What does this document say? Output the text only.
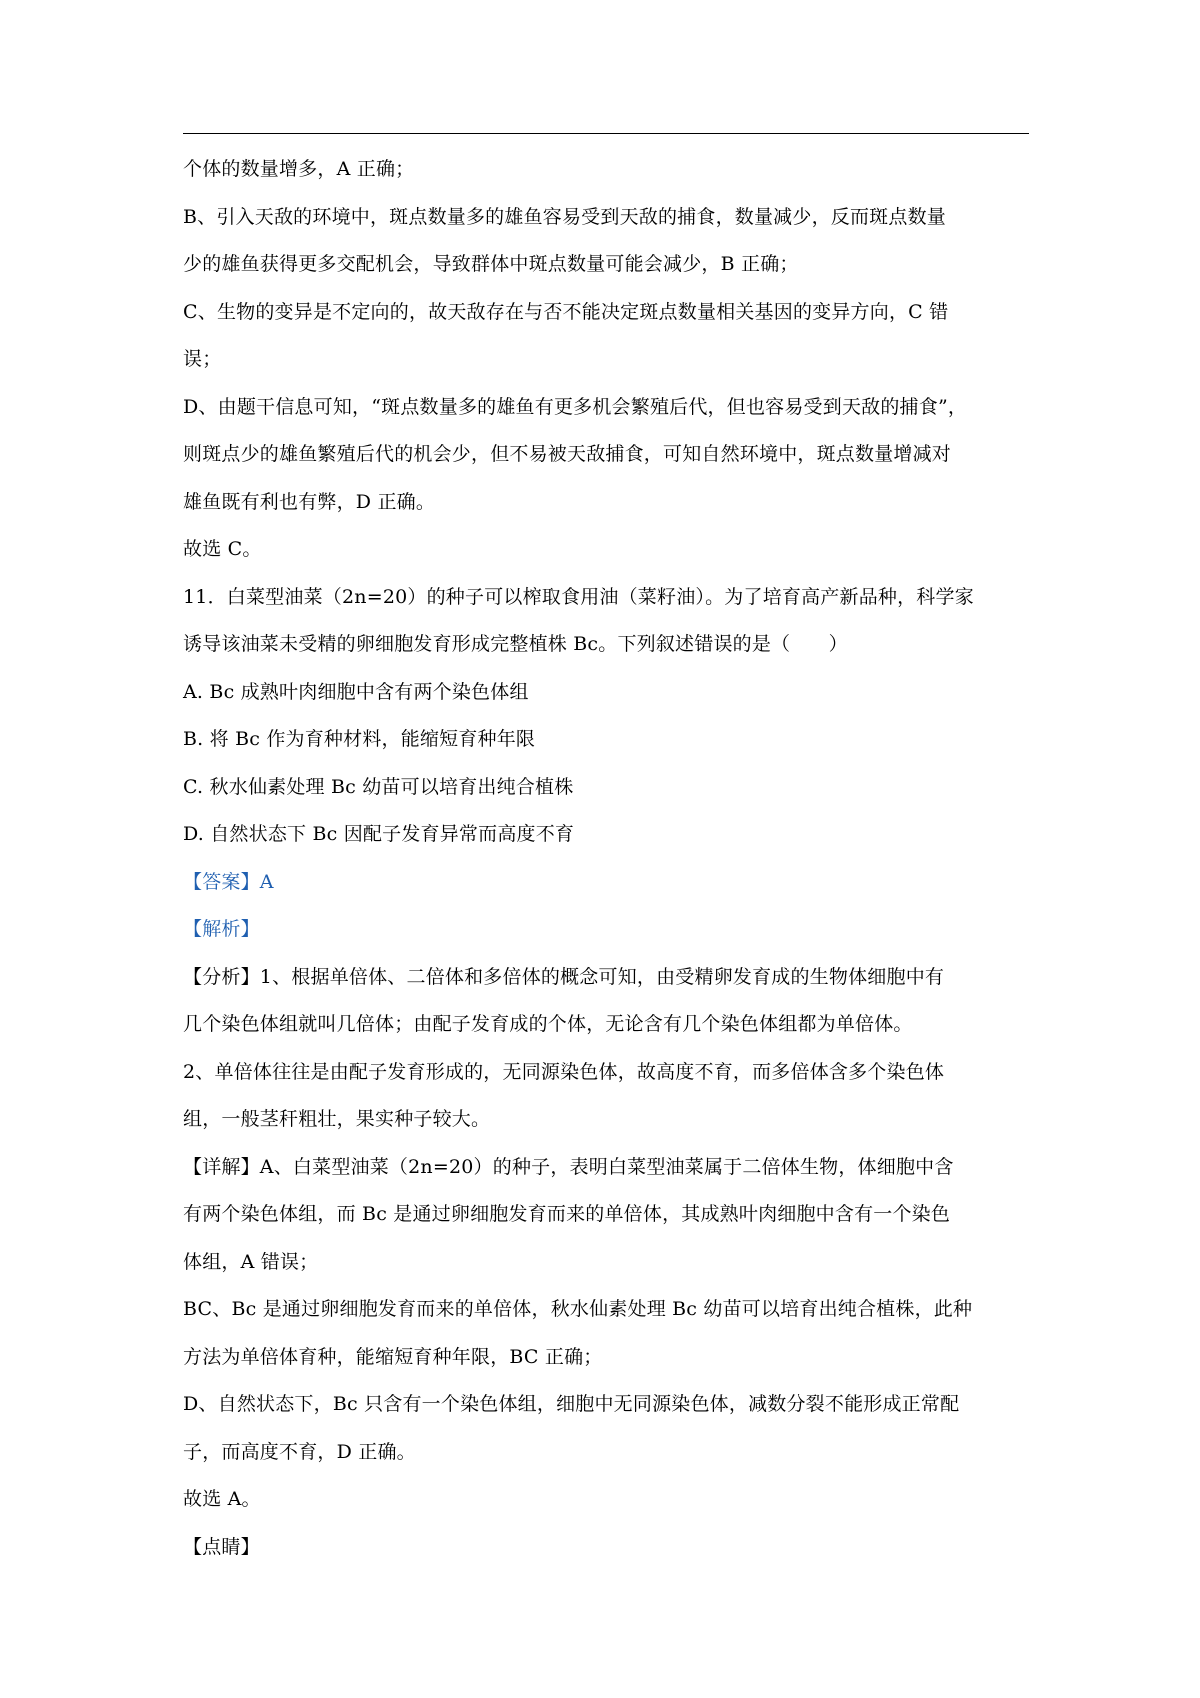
个体的数量增多，A 正确；
B、引入天敌的环境中，斑点数量多的雄鱼容易受到天敌的捕食，数量减少，反而斑点数量
少的雄鱼获得更多交配机会，导致群体中斑点数量可能会减少，B 正确；
C、生物的变异是不定向的，故天敌存在与否不能决定斑点数量相关基因的变异方向，C 错
误；
D、由题干信息可知，“斑点数量多的雄鱼有更多机会繁殖后代，但也容易受到天敌的捕食”，
则斑点少的雄鱼繁殖后代的机会少，但不易被天敌捕食，可知自然环境中，斑点数量增减对
雄鱼既有利也有弊，D 正确。
故选 C。
11．白菜型油菜（2n=20）的种子可以榨取食用油（菜籽油）。为了培育高产新品种，科学家
诱导该油菜未受精的卵细胞发育形成完整植株 Bc。下列叙述错误的是（　　）
A. Bc 成熟叶肉细胞中含有两个染色体组
B. 将 Bc 作为育种材料，能缩短育种年限
C. 秋水仙素处理 Bc 幼苗可以培育出纯合植株
D. 自然状态下 Bc 因配子发育异常而高度不育
【答案】A
【解析】
【分析】1、根据单倍体、二倍体和多倍体的概念可知，由受精卵发育成的生物体细胞中有
几个染色体组就叫几倍体；由配子发育成的个体，无论含有几个染色体组都为单倍体。
2、单倍体往往是由配子发育形成的，无同源染色体，故高度不育，而多倍体含多个染色体
组，一般茎秆粗壮，果实种子较大。
【详解】A、白菜型油菜（2n=20）的种子，表明白菜型油菜属于二倍体生物，体细胞中含
有两个染色体组，而 Bc 是通过卵细胞发育而来的单倍体，其成熟叶肉细胞中含有一个染色
体组，A 错误；
BC、Bc 是通过卵细胞发育而来的单倍体，秋水仙素处理 Bc 幼苗可以培育出纯合植株，此种
方法为单倍体育种，能缩短育种年限，BC 正确；
D、自然状态下，Bc 只含有一个染色体组，细胞中无同源染色体，减数分裂不能形成正常配
子，而高度不育，D 正确。
故选 A。
【点睛】
